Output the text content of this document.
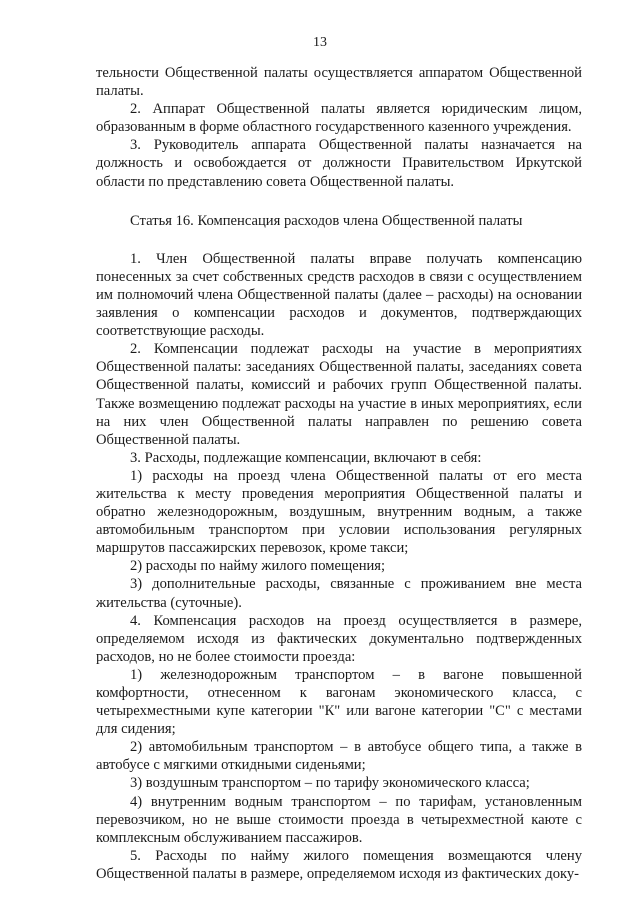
13

тельности Общественной палаты осуществляется аппаратом Общественной палаты.

2. Аппарат Общественной палаты является юридическим лицом, образованным в форме областного государственного казенного учреждения.

3. Руководитель аппарата Общественной палаты назначается на должность и освобождается от должности Правительством Иркутской области по представлению совета Общественной палаты.

Статья 16. Компенсация расходов члена Общественной палаты

1. Член Общественной палаты вправе получать компенсацию понесенных за счет собственных средств расходов в связи с осуществлением им полномочий члена Общественной палаты (далее – расходы) на основании заявления о компенсации расходов и документов, подтверждающих соответствующие расходы.

2. Компенсации подлежат расходы на участие в мероприятиях Общественной палаты: заседаниях Общественной палаты, заседаниях совета Общественной палаты, комиссий и рабочих групп Общественной палаты. Также возмещению подлежат расходы на участие в иных мероприятиях, если на них член Общественной палаты направлен по решению совета Общественной палаты.

3. Расходы, подлежащие компенсации, включают в себя:

1) расходы на проезд члена Общественной палаты от его места жительства к месту проведения мероприятия Общественной палаты и обратно железнодорожным, воздушным, внутренним водным, а также автомобильным транспортом при условии использования регулярных маршрутов пассажирских перевозок, кроме такси;

2) расходы по найму жилого помещения;

3) дополнительные расходы, связанные с проживанием вне места жительства (суточные).

4. Компенсация расходов на проезд осуществляется в размере, определяемом исходя из фактических документально подтвержденных расходов, но не более стоимости проезда:

1) железнодорожным транспортом – в вагоне повышенной комфортности, отнесенном к вагонам экономического класса, с четырехместными купе категории "К" или вагоне категории "С" с местами для сидения;

2) автомобильным транспортом – в автобусе общего типа, а также в автобусе с мягкими откидными сиденьями;

3) воздушным транспортом – по тарифу экономического класса;

4) внутренним водным транспортом – по тарифам, установленным перевозчиком, но не выше стоимости проезда в четырехместной каюте с комплексным обслуживанием пассажиров.

5. Расходы по найму жилого помещения возмещаются члену Общественной палаты в размере, определяемом исходя из фактических доку-
